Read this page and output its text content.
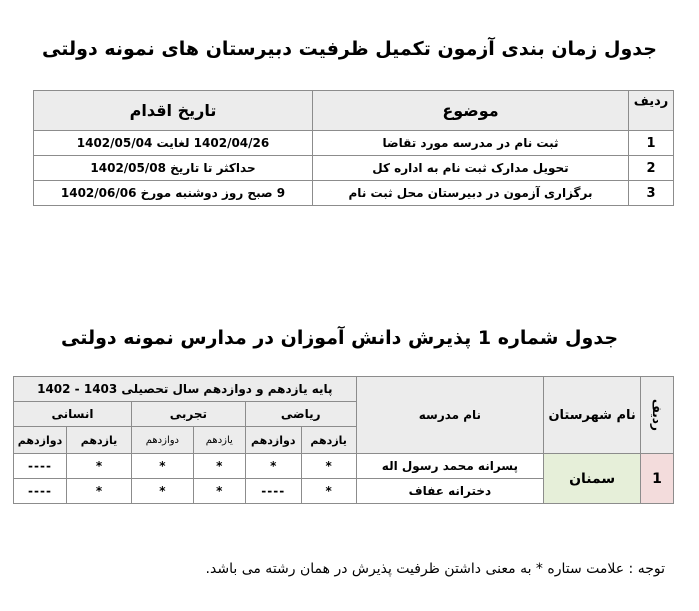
جدول زمان بندی آزمون تکمیل ظرفیت دبیرستان های نمونه دولتی
ردیف	موضوع	تاریخ اقدام
1	ثبت نام در مدرسه مورد تقاضا	1402/04/26 لغایت 1402/05/04
2	تحویل مدارک ثبت نام به اداره کل	حداکثر تا تاریخ 1402/05/08
3	برگزاری آزمون در دبیرستان محل ثبت نام	9 صبح روز دوشنبه مورخ 1402/06/06
جدول شماره 1 پذیرش دانش آموزان در مدارس نمونه دولتی
ردیف	نام شهرستان	نام مدرسه	پایه یازدهم و دوازدهم سال تحصیلی 1403 - 1402					
			ریاضی		تجربی		انسانی	
			یازدهم	دوازدهم	یازدهم	دوازدهم	یازدهم	دوازدهم
1	سمنان	پسرانه محمد رسول اله	*	*	*	*	*	----
		دخترانه عفاف	*	----	*	*	*	----
توجه : علامت ستاره * به معنی داشتن ظرفیت پذیرش در همان رشته می باشد.
